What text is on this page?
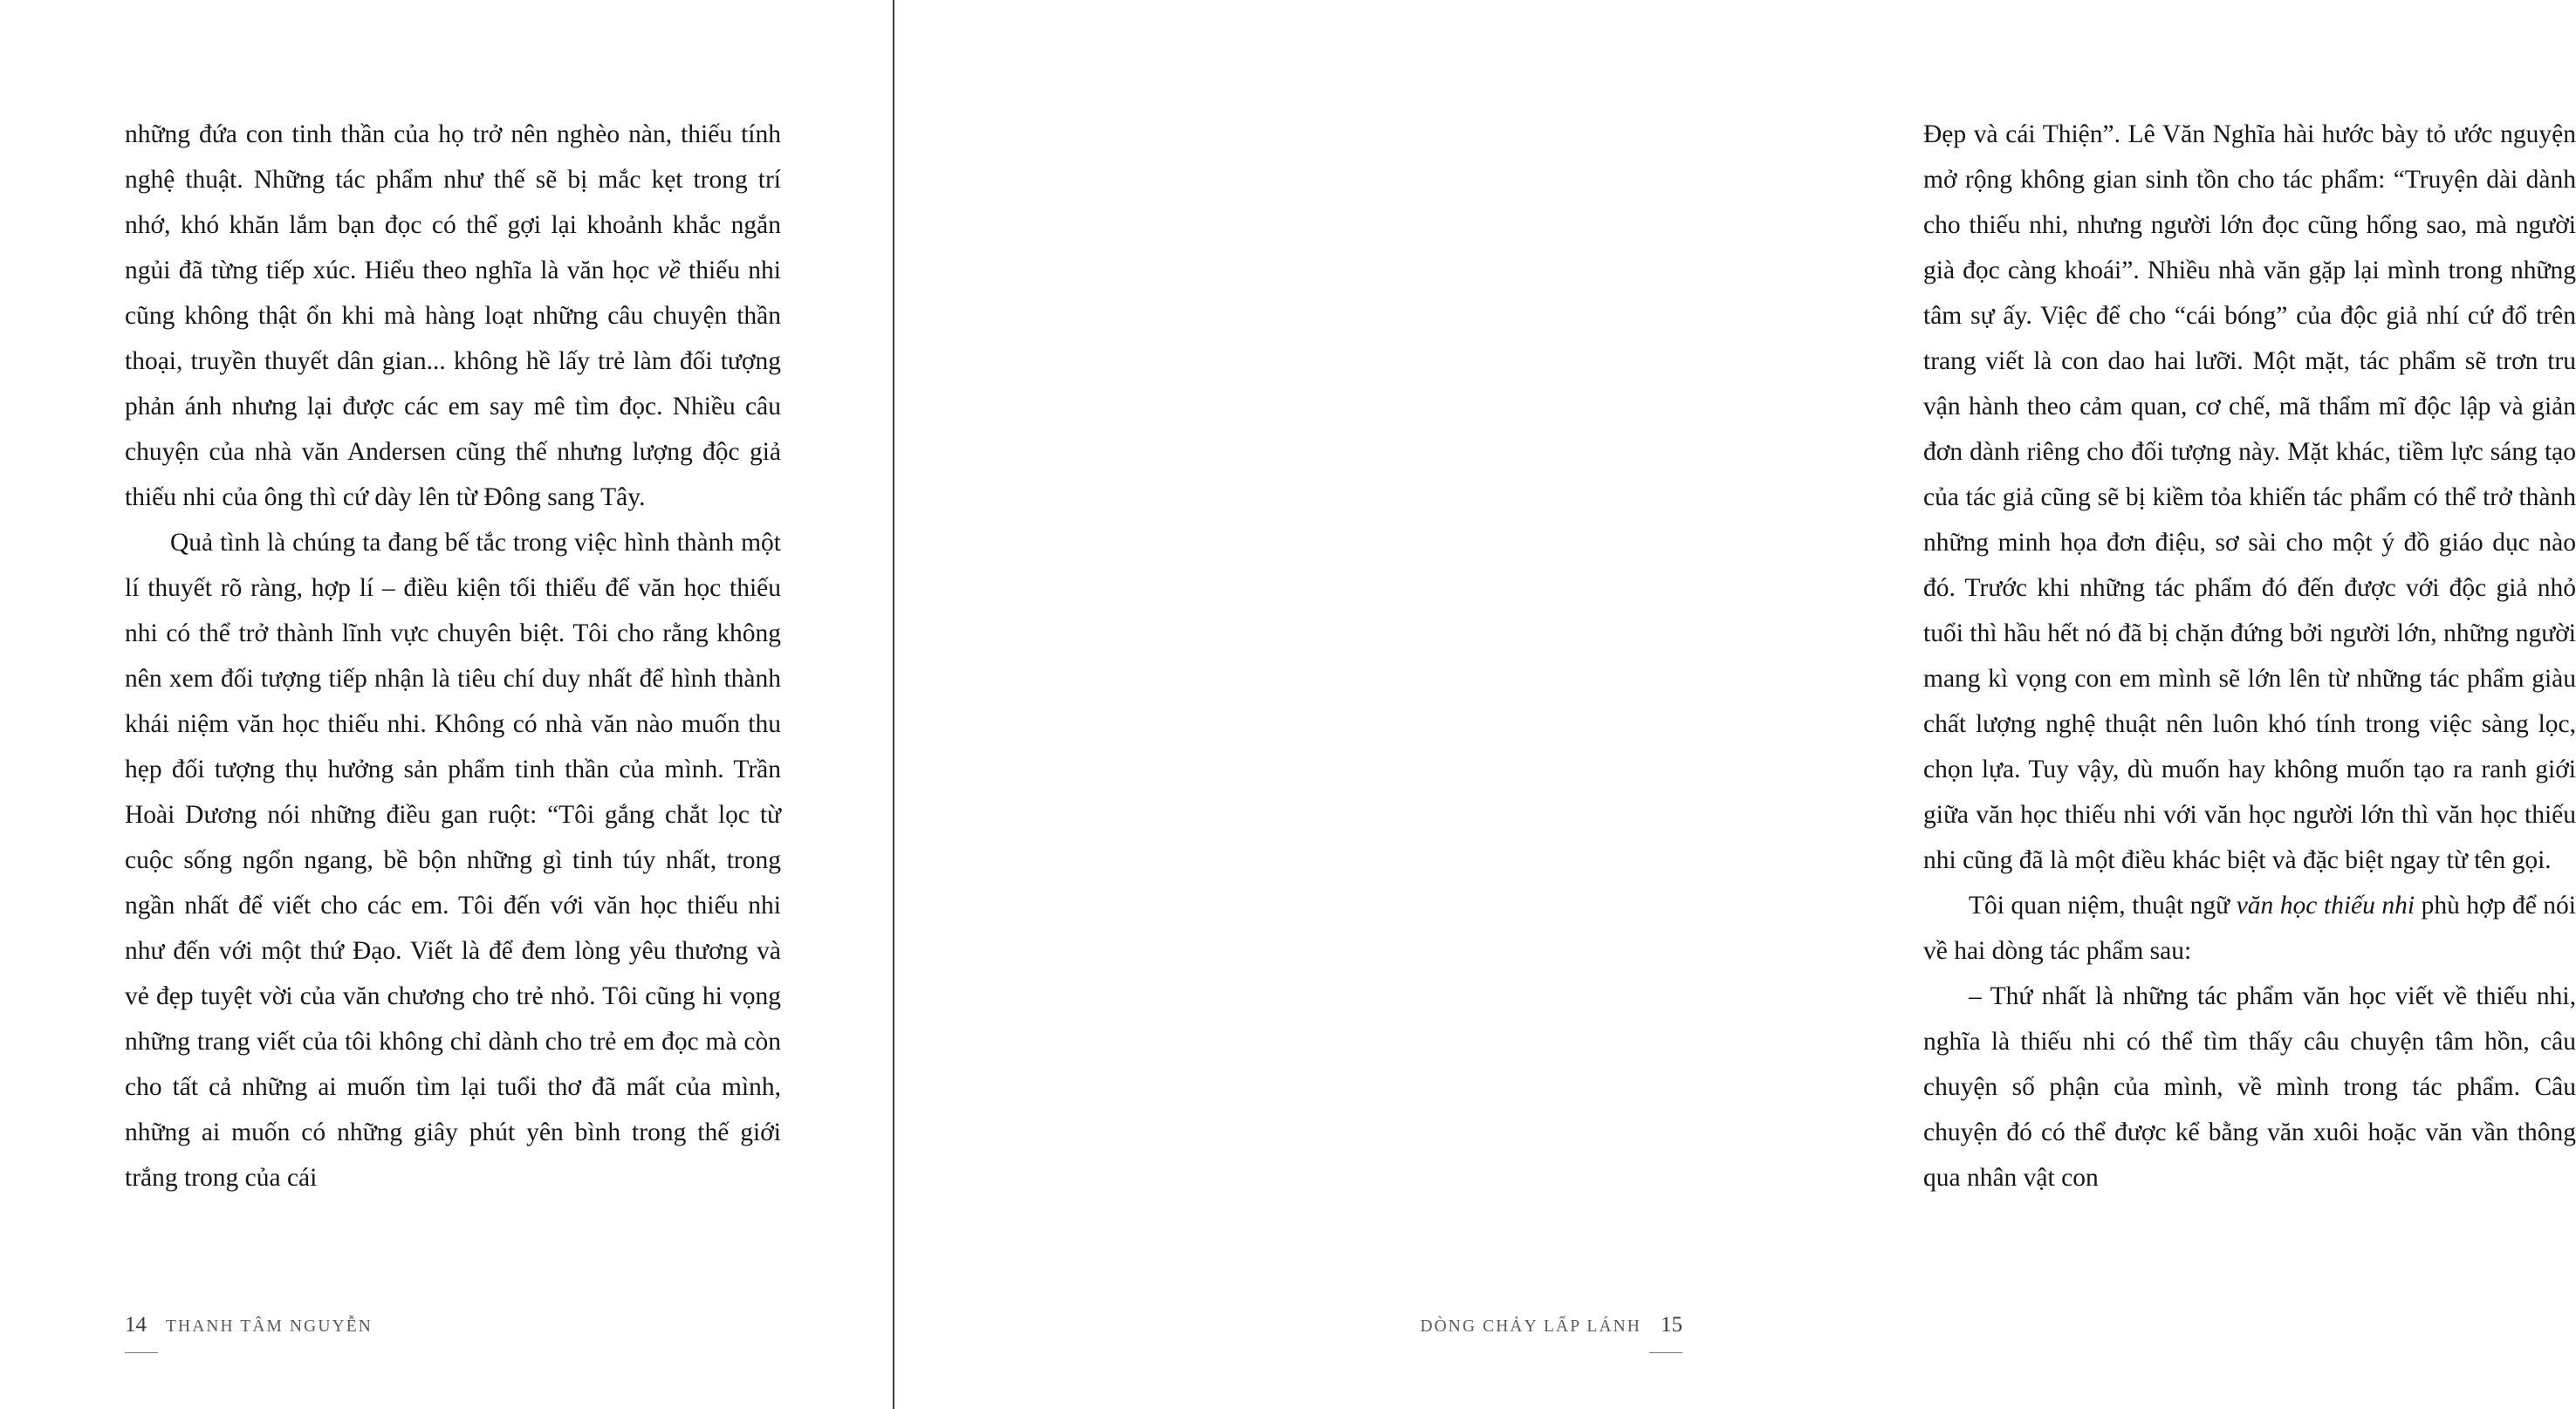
những đứa con tinh thần của họ trở nên nghèo nàn, thiếu tính nghệ thuật. Những tác phẩm như thế sẽ bị mắc kẹt trong trí nhớ, khó khăn lắm bạn đọc có thể gợi lại khoảnh khắc ngắn ngủi đã từng tiếp xúc. Hiểu theo nghĩa là văn học về thiếu nhi cũng không thật ổn khi mà hàng loạt những câu chuyện thần thoại, truyền thuyết dân gian... không hề lấy trẻ làm đối tượng phản ánh nhưng lại được các em say mê tìm đọc. Nhiều câu chuyện của nhà văn Andersen cũng thế nhưng lượng độc giả thiếu nhi của ông thì cứ dày lên từ Đông sang Tây.

Quả tình là chúng ta đang bế tắc trong việc hình thành một lí thuyết rõ ràng, hợp lí – điều kiện tối thiểu để văn học thiếu nhi có thể trở thành lĩnh vực chuyên biệt. Tôi cho rằng không nên xem đối tượng tiếp nhận là tiêu chí duy nhất để hình thành khái niệm văn học thiếu nhi. Không có nhà văn nào muốn thu hẹp đối tượng thụ hưởng sản phẩm tinh thần của mình. Trần Hoài Dương nói những điều gan ruột: “Tôi gắng chắt lọc từ cuộc sống ngổn ngang, bề bộn những gì tinh túy nhất, trong ngần nhất để viết cho các em. Tôi đến với văn học thiếu nhi như đến với một thứ Đạo. Viết là để đem lòng yêu thương và vẻ đẹp tuyệt vời của văn chương cho trẻ nhỏ. Tôi cũng hi vọng những trang viết của tôi không chỉ dành cho trẻ em đọc mà còn cho tất cả những ai muốn tìm lại tuổi thơ đã mất của mình, những ai muốn có những giây phút yên bình trong thế giới trắng trong của cái

14 THANH TÂM NGUYỄN

Đẹp và cái Thiện”. Lê Văn Nghĩa hài hước bày tỏ ước nguyện mở rộng không gian sinh tồn cho tác phẩm: “Truyện dài dành cho thiếu nhi, nhưng người lớn đọc cũng hổng sao, mà người già đọc càng khoái”. Nhiều nhà văn gặp lại mình trong những tâm sự ấy. Việc để cho “cái bóng” của độc giả nhí cứ đổ trên trang viết là con dao hai lưỡi. Một mặt, tác phẩm sẽ trơn tru vận hành theo cảm quan, cơ chế, mã thẩm mĩ độc lập và giản đơn dành riêng cho đối tượng này. Mặt khác, tiềm lực sáng tạo của tác giả cũng sẽ bị kiềm tỏa khiến tác phẩm có thể trở thành những minh họa đơn điệu, sơ sài cho một ý đồ giáo dục nào đó. Trước khi những tác phẩm đó đến được với độc giả nhỏ tuổi thì hầu hết nó đã bị chặn đứng bởi người lớn, những người mang kì vọng con em mình sẽ lớn lên từ những tác phẩm giàu chất lượng nghệ thuật nên luôn khó tính trong việc sàng lọc, chọn lựa. Tuy vậy, dù muốn hay không muốn tạo ra ranh giới giữa văn học thiếu nhi với văn học người lớn thì văn học thiếu nhi cũng đã là một điều khác biệt và đặc biệt ngay từ tên gọi.

Tôi quan niệm, thuật ngữ văn học thiếu nhi phù hợp để nói về hai dòng tác phẩm sau:

– Thứ nhất là những tác phẩm văn học viết về thiếu nhi, nghĩa là thiếu nhi có thể tìm thấy câu chuyện tâm hồn, câu chuyện số phận của mình, về mình trong tác phẩm. Câu chuyện đó có thể được kể bằng văn xuôi hoặc văn vần thông qua nhân vật con

DÒNG CHẢY LẤP LÁNH 15
